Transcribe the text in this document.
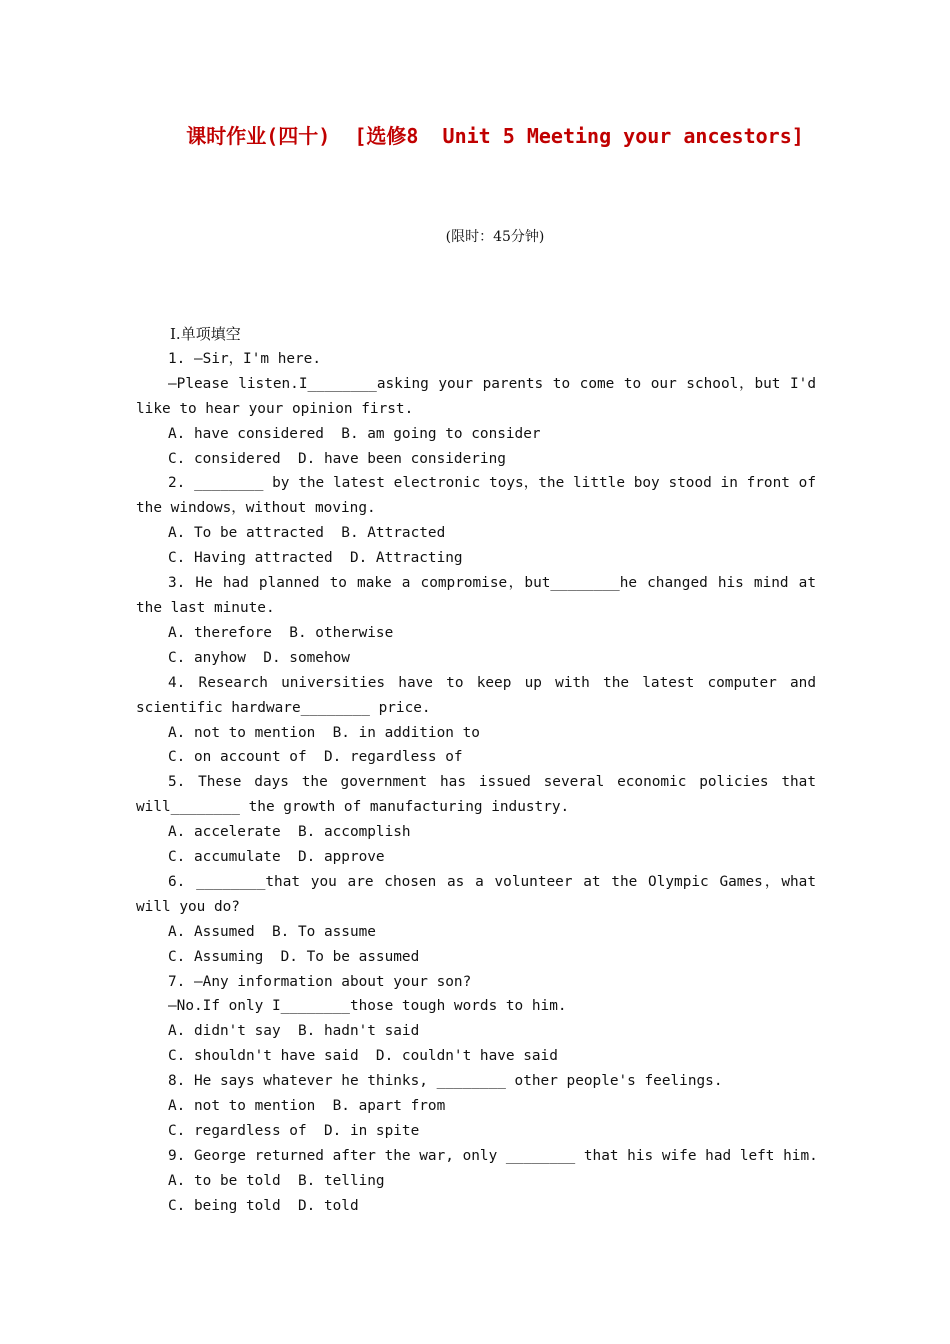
课时作业(四十)  [选修8  Unit 5 Meeting your ancestors]
(限时：45分钟)
Ⅰ.单项填空
1. —Sir，I'm here.
—Please listen.I________asking your parents to come to our school，but I'd like to hear your opinion first.
A. have considered  B. am going to consider
C. considered  D. have been considering
2. ________ by the latest electronic toys，the little boy stood in front of the windows，without moving.
A. To be attracted  B. Attracted
C. Having attracted  D. Attracting
3. He had planned to make a compromise，but________he changed his mind at the last minute.
A. therefore  B. otherwise
C. anyhow  D. somehow
4. Research universities have to keep up with the latest computer and scientific hardware________ price.
A. not to mention  B. in addition to
C. on account of  D. regardless of
5. These days the government has issued several economic policies that will________ the growth of manufacturing industry.
A. accelerate  B. accomplish
C. accumulate  D. approve
6. ________that you are chosen as a volunteer at the Olympic Games，what will you do?
A. Assumed  B. To assume
C. Assuming  D. To be assumed
7. —Any information about your son?
—No.If only I________those tough words to him.
A. didn't say  B. hadn't said
C. shouldn't have said  D. couldn't have said
8. He says whatever he thinks, ________ other people's feelings.
A. not to mention  B. apart from
C. regardless of  D. in spite
9. George returned after the war, only ________ that his wife had left him.
A. to be told  B. telling
C. being told  D. told
